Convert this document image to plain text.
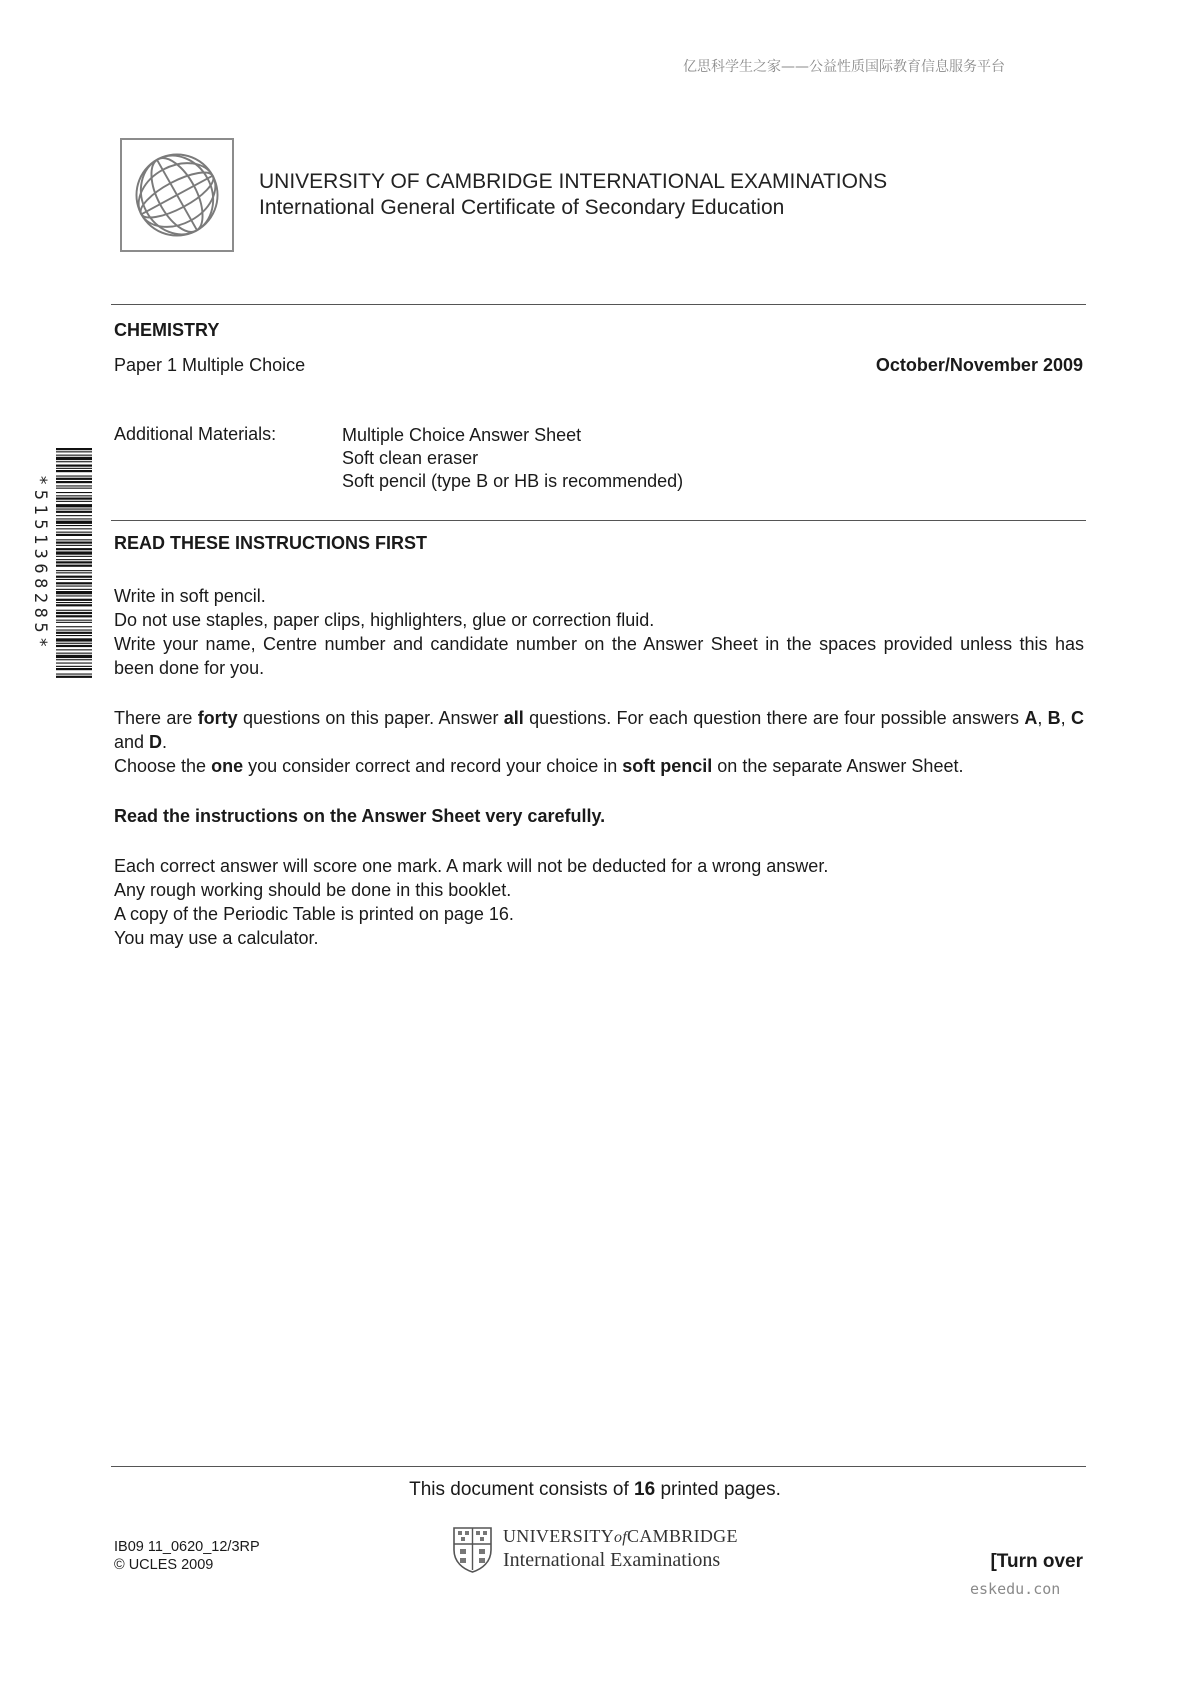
亿思科学生之家——公益性质国际教育信息服务平台
UNIVERSITY OF CAMBRIDGE INTERNATIONAL EXAMINATIONS
International General Certificate of Secondary Education
CHEMISTRY
Paper 1 Multiple Choice	October/November 2009
Additional Materials:	Multiple Choice Answer Sheet
Soft clean eraser
Soft pencil (type B or HB is recommended)
*5151368285*	READ THESE INSTRUCTIONS FIRST
Write in soft pencil.
Do not use staples, paper clips, highlighters, glue or correction fluid.
Write your name, Centre number and candidate number on the Answer Sheet in the spaces provided unless this has been done for you.
There are forty questions on this paper. Answer all questions. For each question there are four possible answers A, B, C and D.
Choose the one you consider correct and record your choice in soft pencil on the separate Answer Sheet.
Read the instructions on the Answer Sheet very carefully.
Each correct answer will score one mark. A mark will not be deducted for a wrong answer.
Any rough working should be done in this booklet.
A copy of the Periodic Table is printed on page 16.
You may use a calculator.
This document consists of 16 printed pages.
IB09 11_0620_12/3RP
© UCLES 2009
UNIVERSITYofCAMBRIDGE
International Examinations	[Turn over
eskedu.con
